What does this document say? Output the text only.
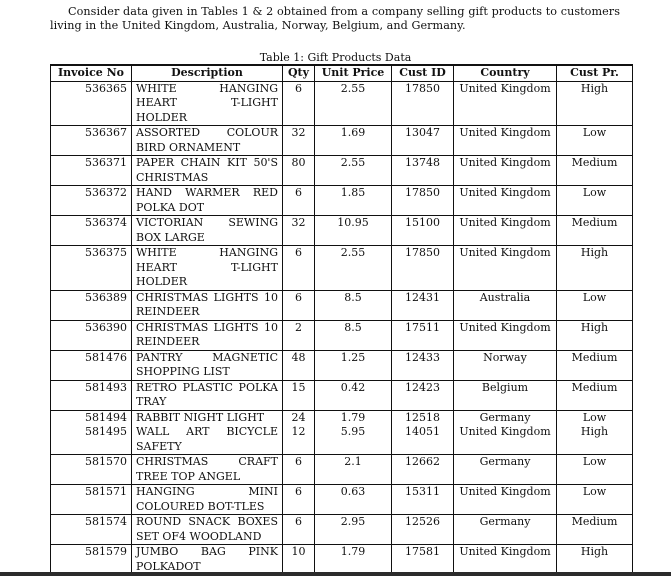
Consider data given in Tables 1 & 2 obtained from a company selling gift products to customers living in the United Kingdom, Australia, Norway, Belgium, and Germany.

Table 1: Gift Products Data
Invoice No	Description	Qty	Unit Price	Cust ID	Country	Cust Pr.
536365	WHITE HANGING HEART T-LIGHT HOLDER	6	2.55	17850	United Kingdom	High
536367	ASSORTED COLOUR BIRD ORNAMENT	32	1.69	13047	United Kingdom	Low
536371	PAPER CHAIN KIT 50'S CHRISTMAS	80	2.55	13748	United Kingdom	Medium
536372	HAND WARMER RED POLKA DOT	6	1.85	17850	United Kingdom	Low
536374	VICTORIAN SEWING BOX LARGE	32	10.95	15100	United Kingdom	Medium
536375	WHITE HANGING HEART T-LIGHT HOLDER	6	2.55	17850	United Kingdom	High
536389	CHRISTMAS LIGHTS 10 REINDEER	6	8.5	12431	Australia	Low
536390	CHRISTMAS LIGHTS 10 REINDEER	2	8.5	17511	United Kingdom	High
581476	PANTRY MAGNETIC SHOPPING LIST	48	1.25	12433	Norway	Medium
581493	RETRO PLASTIC POLKA TRAY	15	0.42	12423	Belgium	Medium
581494	RABBIT NIGHT LIGHT	24	1.79	12518	Germany	Low
581495	WALL ART BICYCLE SAFETY	12	5.95	14051	United Kingdom	High
581570	CHRISTMAS CRAFT TREE TOP ANGEL	6	2.1	12662	Germany	Low
581571	HANGING MINI COLOURED BOT-TLES	6	0.63	15311	United Kingdom	Low
581574	ROUND SNACK BOXES SET OF4 WOODLAND	6	2.95	12526	Germany	Medium
581579	JUMBO BAG PINK POLKADOT	10	1.79	17581	United Kingdom	High
